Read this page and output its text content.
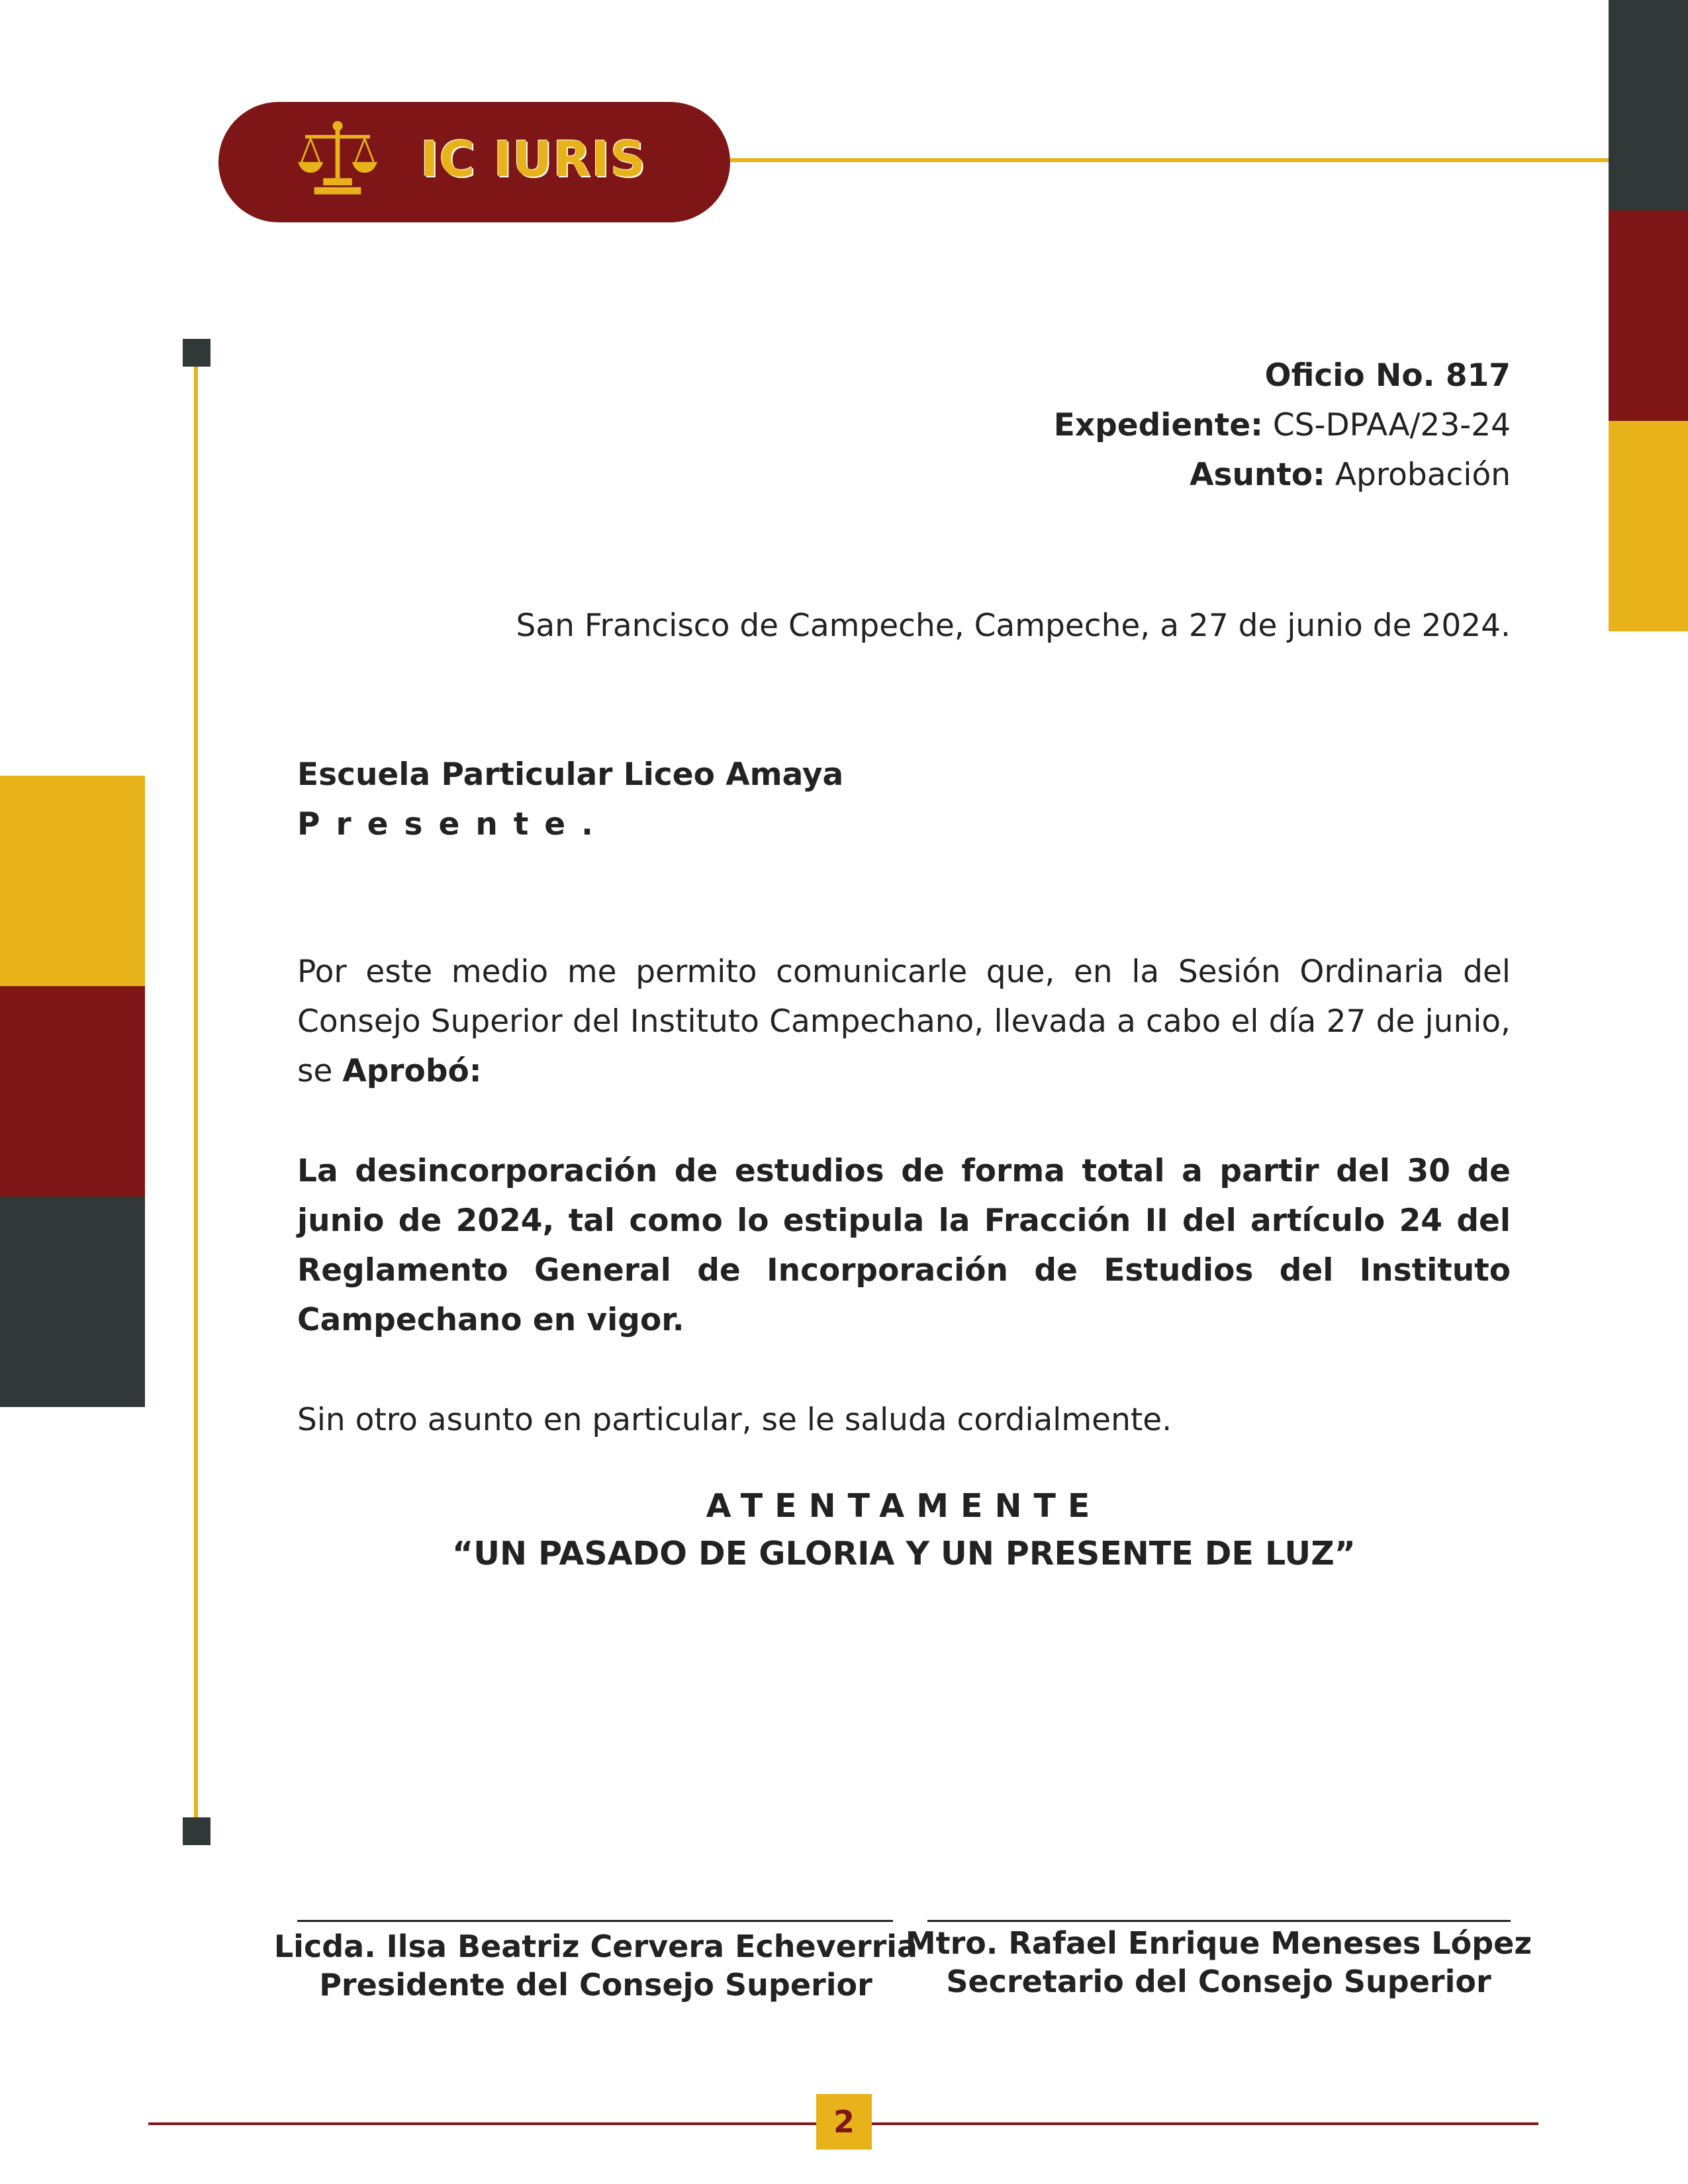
IC IURIS
Oficio No. 817
Expediente: CS-DPAA/23-24
Asunto: Aprobación
San Francisco de Campeche, Campeche, a 27 de junio de 2024.
Escuela Particular Liceo Amaya
Presente.
Por este medio me permito comunicarle que, en la Sesión Ordinaria del Consejo Superior del Instituto Campechano, llevada a cabo el día 27 de junio, se Aprobó:
La desincorporación de estudios de forma total a partir del 30 de junio de 2024, tal como lo estipula la Fracción II del artículo 24 del Reglamento General de Incorporación de Estudios del Instituto Campechano en vigor.
Sin otro asunto en particular, se le saluda cordialmente.
ATENTAMENTE
“UN PASADO DE GLORIA Y UN PRESENTE DE LUZ”
Licda. Ilsa Beatriz Cervera Echeverria
Presidente del Consejo Superior
Mtro. Rafael Enrique Meneses López
Secretario del Consejo Superior
2
